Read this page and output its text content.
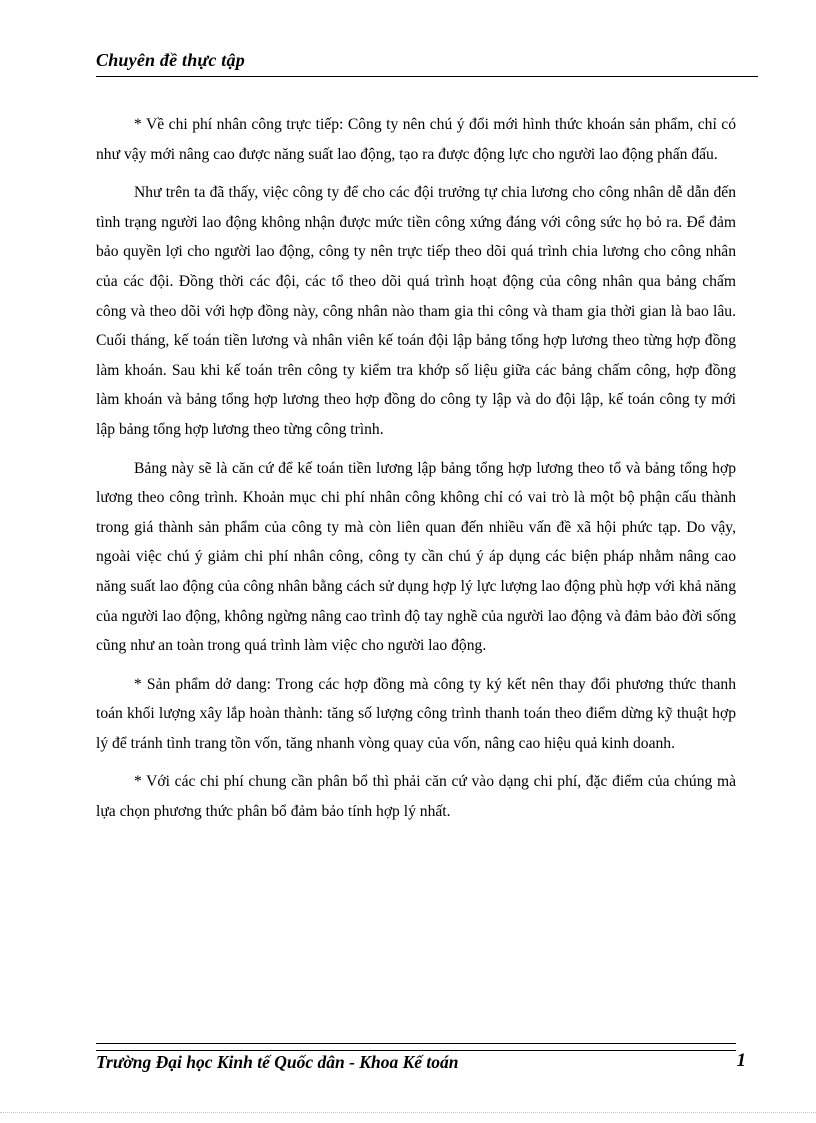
Chuyên đề thực tập

* Về chi phí nhân công trực tiếp: Công ty nên chú ý đổi mới hình thức khoán sản phẩm, chỉ có như vậy mới nâng cao được năng suất lao động, tạo ra được động lực cho người lao động phấn đấu.

Như trên ta đã thấy, việc công ty để cho các đội trưởng tự chia lương cho công nhân dễ dẫn đến tình trạng người lao động không nhận được mức tiền công xứng đáng với công sức họ bỏ ra. Để đảm bảo quyền lợi cho người lao động, công ty nên trực tiếp theo dõi quá trình chia lương cho công nhân của các đội. Đồng thời các đội, các tổ theo dõi quá trình hoạt động của công nhân qua bảng chấm công và theo dõi với hợp đồng này, công nhân nào tham gia thi công và tham gia thời gian là bao lâu. Cuối tháng, kế toán tiền lương và nhân viên kế toán đội lập bảng tổng hợp lương theo từng hợp đồng làm khoán. Sau khi kế toán trên công ty kiểm tra khớp số liệu giữa các bảng chấm công, hợp đồng làm khoán và bảng tổng hợp lương theo hợp đồng do công ty lập và do đội lập, kế toán công ty mới lập bảng tổng hợp lương theo từng công trình.

Bảng này sẽ là căn cứ để kế toán tiền lương lập bảng tổng hợp lương theo tổ và bảng tổng hợp lương theo công trình. Khoản mục chi phí nhân công không chỉ có vai trò là một bộ phận cấu thành trong giá thành sản phẩm của công ty mà còn liên quan đến nhiều vấn đề xã hội phức tạp. Do vậy, ngoài việc chú ý giảm chi phí nhân công, công ty cần chú ý áp dụng các biện pháp nhằm nâng cao năng suất lao động của công nhân bằng cách sử dụng hợp lý lực lượng lao động phù hợp với khả năng của người lao động, không ngừng nâng cao trình độ tay nghề của người lao động và đảm bảo đời sống cũng như an toàn trong quá trình làm việc cho người lao động.

* Sản phẩm dở dang: Trong các hợp đồng mà công ty ký kết nên thay đổi phương thức thanh toán khối lượng xây lắp hoàn thành: tăng số lượng công trình thanh toán theo điểm dừng kỹ thuật hợp lý để tránh tình trang tồn vốn, tăng nhanh vòng quay của vốn, nâng cao hiệu quả kinh doanh.

* Với các chi phí chung cần phân bổ thì phải căn cứ vào dạng chi phí, đặc điểm của chúng mà lựa chọn phương thức phân bổ đảm bảo tính hợp lý nhất.

Trường Đại học Kinh tế Quốc dân - Khoa Kế toán	1
